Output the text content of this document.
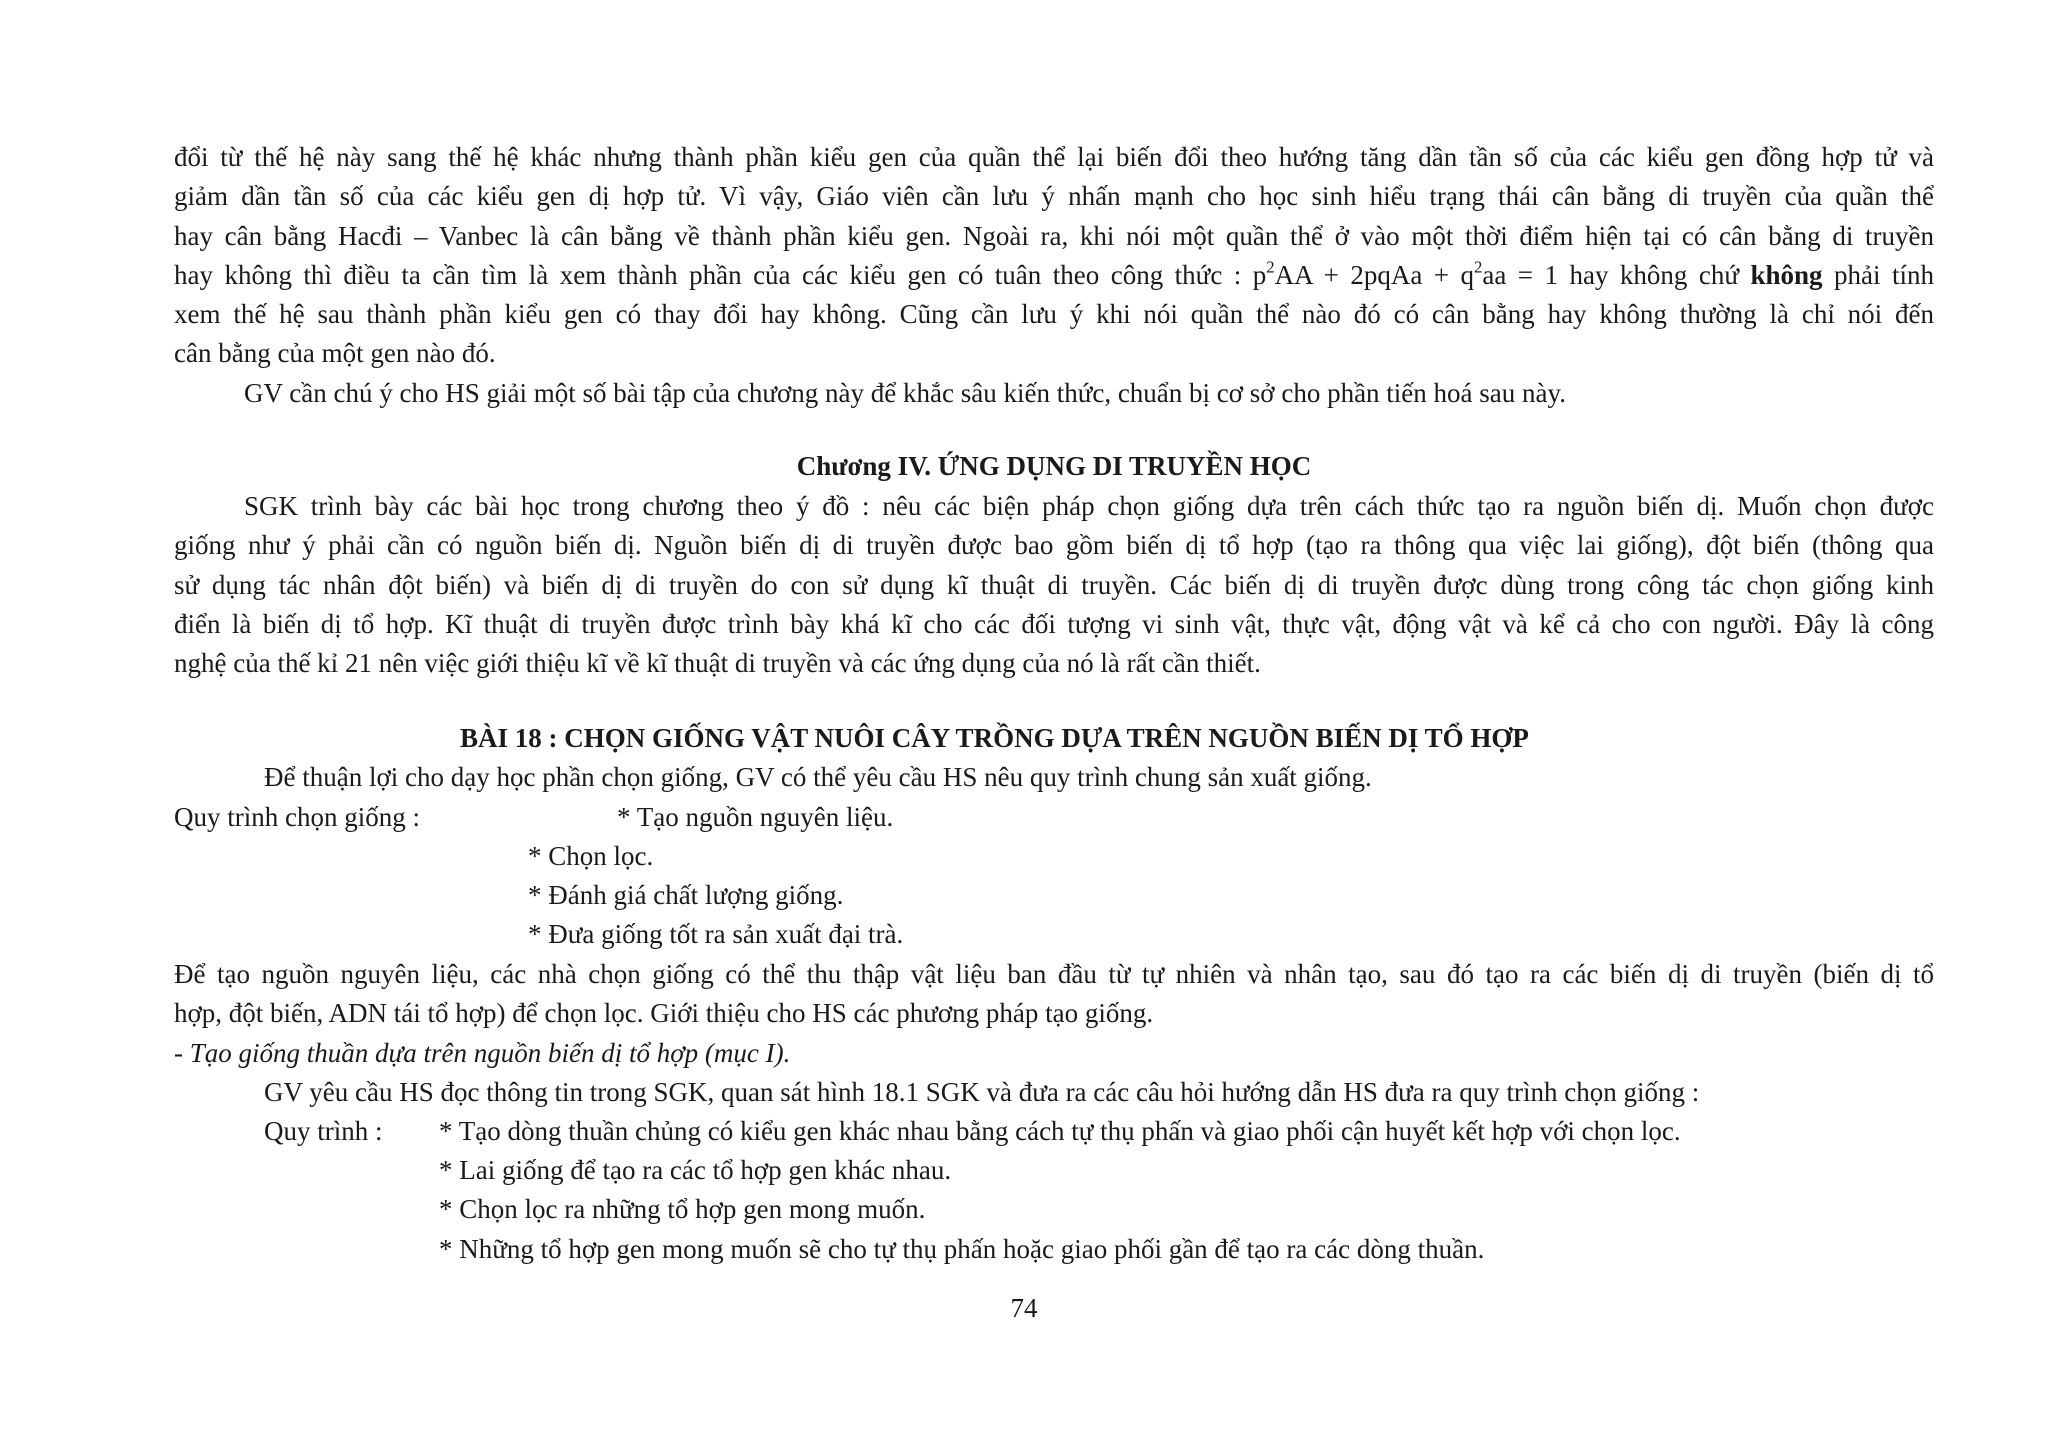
đổi từ thế hệ này sang thế hệ khác nhưng thành phần kiểu gen của quần thể lại biến đổi theo hướng tăng dần tần số của các kiểu gen đồng hợp tử và
giảm dần tần số của các kiểu gen dị hợp tử. Vì vậy, Giáo viên cần lưu ý nhấn mạnh cho học sinh hiểu trạng thái cân bằng di truyền của quần thể
hay cân bằng Hacđi – Vanbec là cân bằng về thành phần kiểu gen. Ngoài ra, khi nói một quần thể ở vào một thời điểm hiện tại có cân bằng di truyền
hay không thì điều ta cần tìm là xem thành phần của các kiểu gen có tuân theo công thức : $p^2AA$ + 2pqAa + $q^2aa = 1$ hay không chứ không phải tính
xem thế hệ sau thành phần kiểu gen có thay đổi hay không. Cũng cần lưu ý khi nói quần thể nào đó có cân bằng hay không thường là chỉ nói đến
cân bằng của một gen nào đó.
GV cần chú ý cho HS giải một số bài tập của chương này để khắc sâu kiến thức, chuẩn bị cơ sở cho phần tiến hoá sau này.
Chương IV. ỨNG DỤNG DI TRUYỀN HỌC
SGK trình bày các bài học trong chương theo ý đồ : nêu các biện pháp chọn giống dựa trên cách thức tạo ra nguồn biến dị. Muốn chọn được
giống như ý phải cần có nguồn biến dị. Nguồn biến dị di truyền được bao gồm biến dị tổ hợp (tạo ra thông qua việc lai giống), đột biến (thông qua
sử dụng tác nhân đột biến) và biến dị di truyền do con sử dụng kĩ thuật di truyền. Các biến dị di truyền được dùng trong công tác chọn giống kinh
điển là biến dị tổ hợp. Kĩ thuật di truyền được trình bày khá kĩ cho các đối tượng vi sinh vật, thực vật, động vật và kể cả cho con người. Đây là công
nghệ của thế kỉ 21 nên việc giới thiệu kĩ về kĩ thuật di truyền và các ứng dụng của nó là rất cần thiết.
BÀI 18 : CHỌN GIỐNG VẬT NUÔI CÂY TRỒNG DỰA TRÊN NGUỒN BIẾN DỊ TỔ HỢP
Để thuận lợi cho dạy học phần chọn giống, GV có thể yêu cầu HS nêu quy trình chung sản xuất giống.
Quy trình chọn giống :	* Tạo nguồn nguyên liệu.
* Chọn lọc.
* Đánh giá chất lượng giống.
* Đưa giống tốt ra sản xuất đại trà.
Để tạo nguồn nguyên liệu, các nhà chọn giống có thể thu thập vật liệu ban đầu từ tự nhiên và nhân tạo, sau đó tạo ra các biến dị di truyền (biến dị tổ
hợp, đột biến, ADN tái tổ hợp) để chọn lọc. Giới thiệu cho HS các phương pháp tạo giống.
- Tạo giống thuần dựa trên nguồn biến dị tổ hợp (mục I).
GV yêu cầu HS đọc thông tin trong SGK, quan sát hình 18.1 SGK và đưa ra các câu hỏi hướng dẫn HS đưa ra quy trình chọn giống :
Quy trình : * Tạo dòng thuần chủng có kiểu gen khác nhau bằng cách tự thụ phấn và giao phối cận huyết kết hợp với chọn lọc.
* Lai giống để tạo ra các tổ hợp gen khác nhau.
* Chọn lọc ra những tổ hợp gen mong muốn.
* Những tổ hợp gen mong muốn sẽ cho tự thụ phấn hoặc giao phối gần để tạo ra các dòng thuần.
74
